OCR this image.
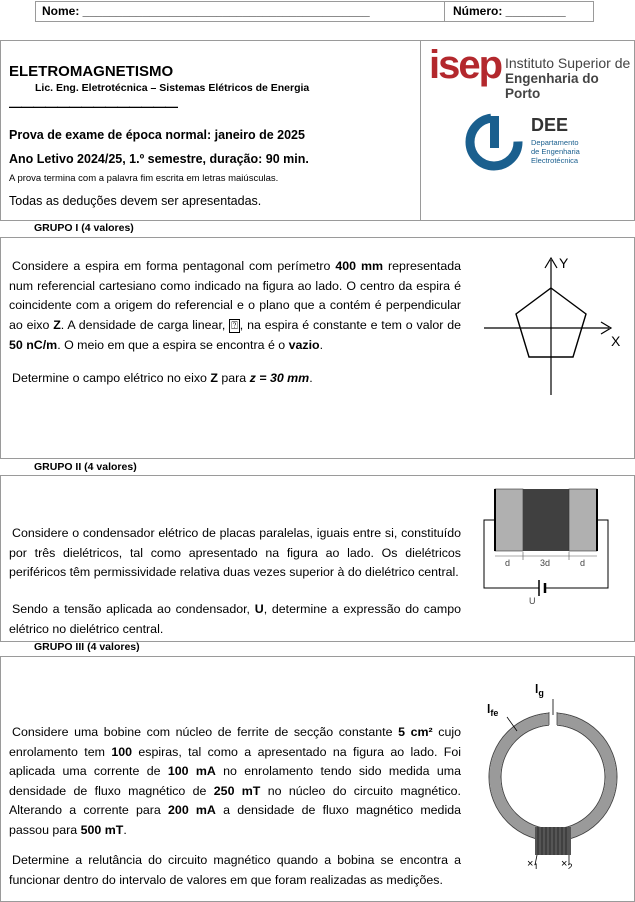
Nome: ___________________________________________	Número: _________
ELETROMAGNETISMO
Lic. Eng. Eletrotécnica – Sistemas Elétricos de Energia
——————————————
Prova de exame de época normal: janeiro de 2025
Ano Letivo 2024/25, 1.º semestre, duração: 90 min.
A prova termina com a palavra fim escrita em letras maiúsculas.
Todas as deduções devem ser apresentadas.
isep Instituto Superior de
Engenharia do Porto
DEE
Departamento
de Engenharia
Electrotécnica
GRUPO I (4 valores)
Considere a espira em forma pentagonal com perímetro 400 mm representada num referencial cartesiano como indicado na figura ao lado. O centro da espira é coincidente com a origem do referencial e o plano que a contém é perpendicular ao eixo Z. A densidade de carga linear, ⍰ , na espira é constante e tem o valor de 50 nC/m. O meio em que a espira se encontra é o vazio.
Determine o campo elétrico no eixo Z para z = 30 mm.
Y
X
GRUPO II (4 valores)
Considere o condensador elétrico de placas paralelas, iguais entre si, constituído por três dielétricos, tal como apresentado na figura ao lado. Os dielétricos periféricos têm permissividade relativa duas vezes superior à do dielétrico central.
Sendo a tensão aplicada ao condensador, U, determine a expressão do campo elétrico no dielétrico central.
d	3d	d
U
GRUPO III (4 valores)
Considere uma bobine com núcleo de ferrite de secção constante 5 cm² cujo enrolamento tem 100 espiras, tal como a apresentado na figura ao lado. Foi aplicada uma corrente de 100 mA no enrolamento tendo sido medida uma densidade de fluxo magnético de 250 mT no núcleo do circuito magnético. Alterando a corrente para 200 mA a densidade de fluxo magnético medida passou para 500 mT.
Determine a relutância do circuito magnético quando a bobina se encontra a funcionar dentro do intervalo de valores em que foram realizadas as medições.
$l_{fe}$
$l_g$
$\times_1 \times_2$
